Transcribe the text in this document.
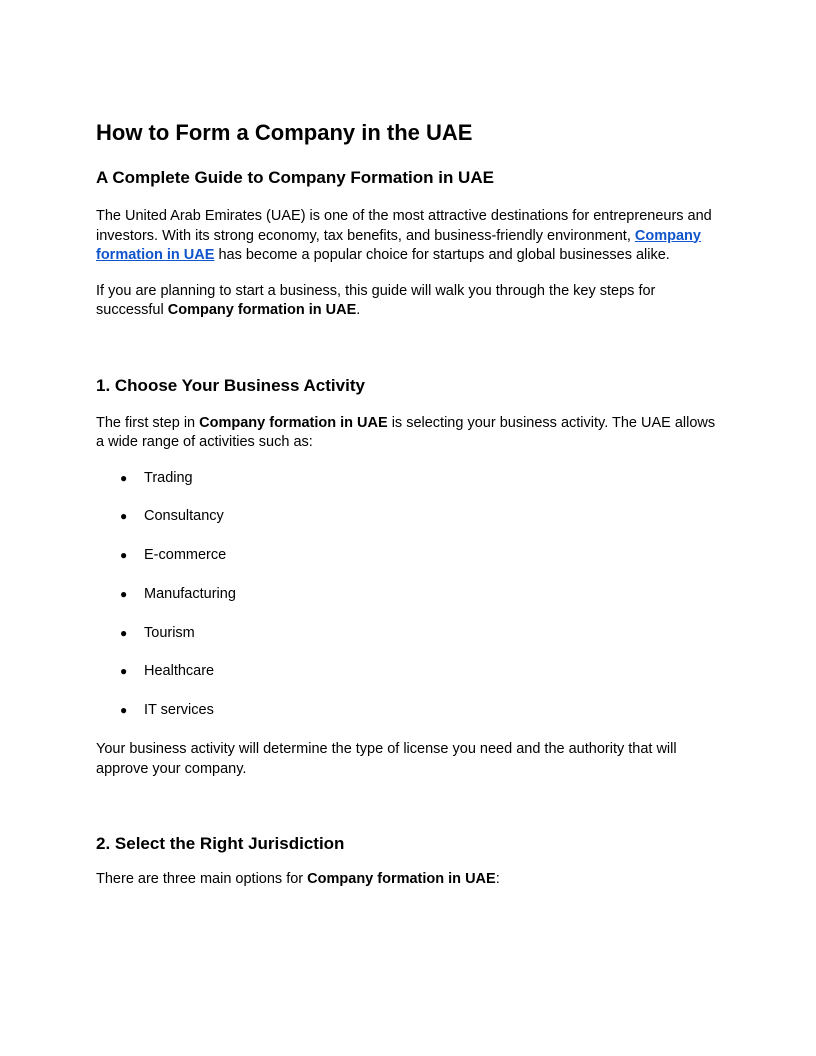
How to Form a Company in the UAE
A Complete Guide to Company Formation in UAE

The United Arab Emirates (UAE) is one of the most attractive destinations for entrepreneurs and investors. With its strong economy, tax benefits, and business-friendly environment, Company formation in UAE has become a popular choice for startups and global businesses alike.

If you are planning to start a business, this guide will walk you through the key steps for successful Company formation in UAE.

1. Choose Your Business Activity

The first step in Company formation in UAE is selecting your business activity. The UAE allows a wide range of activities such as:

● Trading
● Consultancy
● E-commerce
● Manufacturing
● Tourism
● Healthcare
● IT services

Your business activity will determine the type of license you need and the authority that will approve your company.

2. Select the Right Jurisdiction

There are three main options for Company formation in UAE:
